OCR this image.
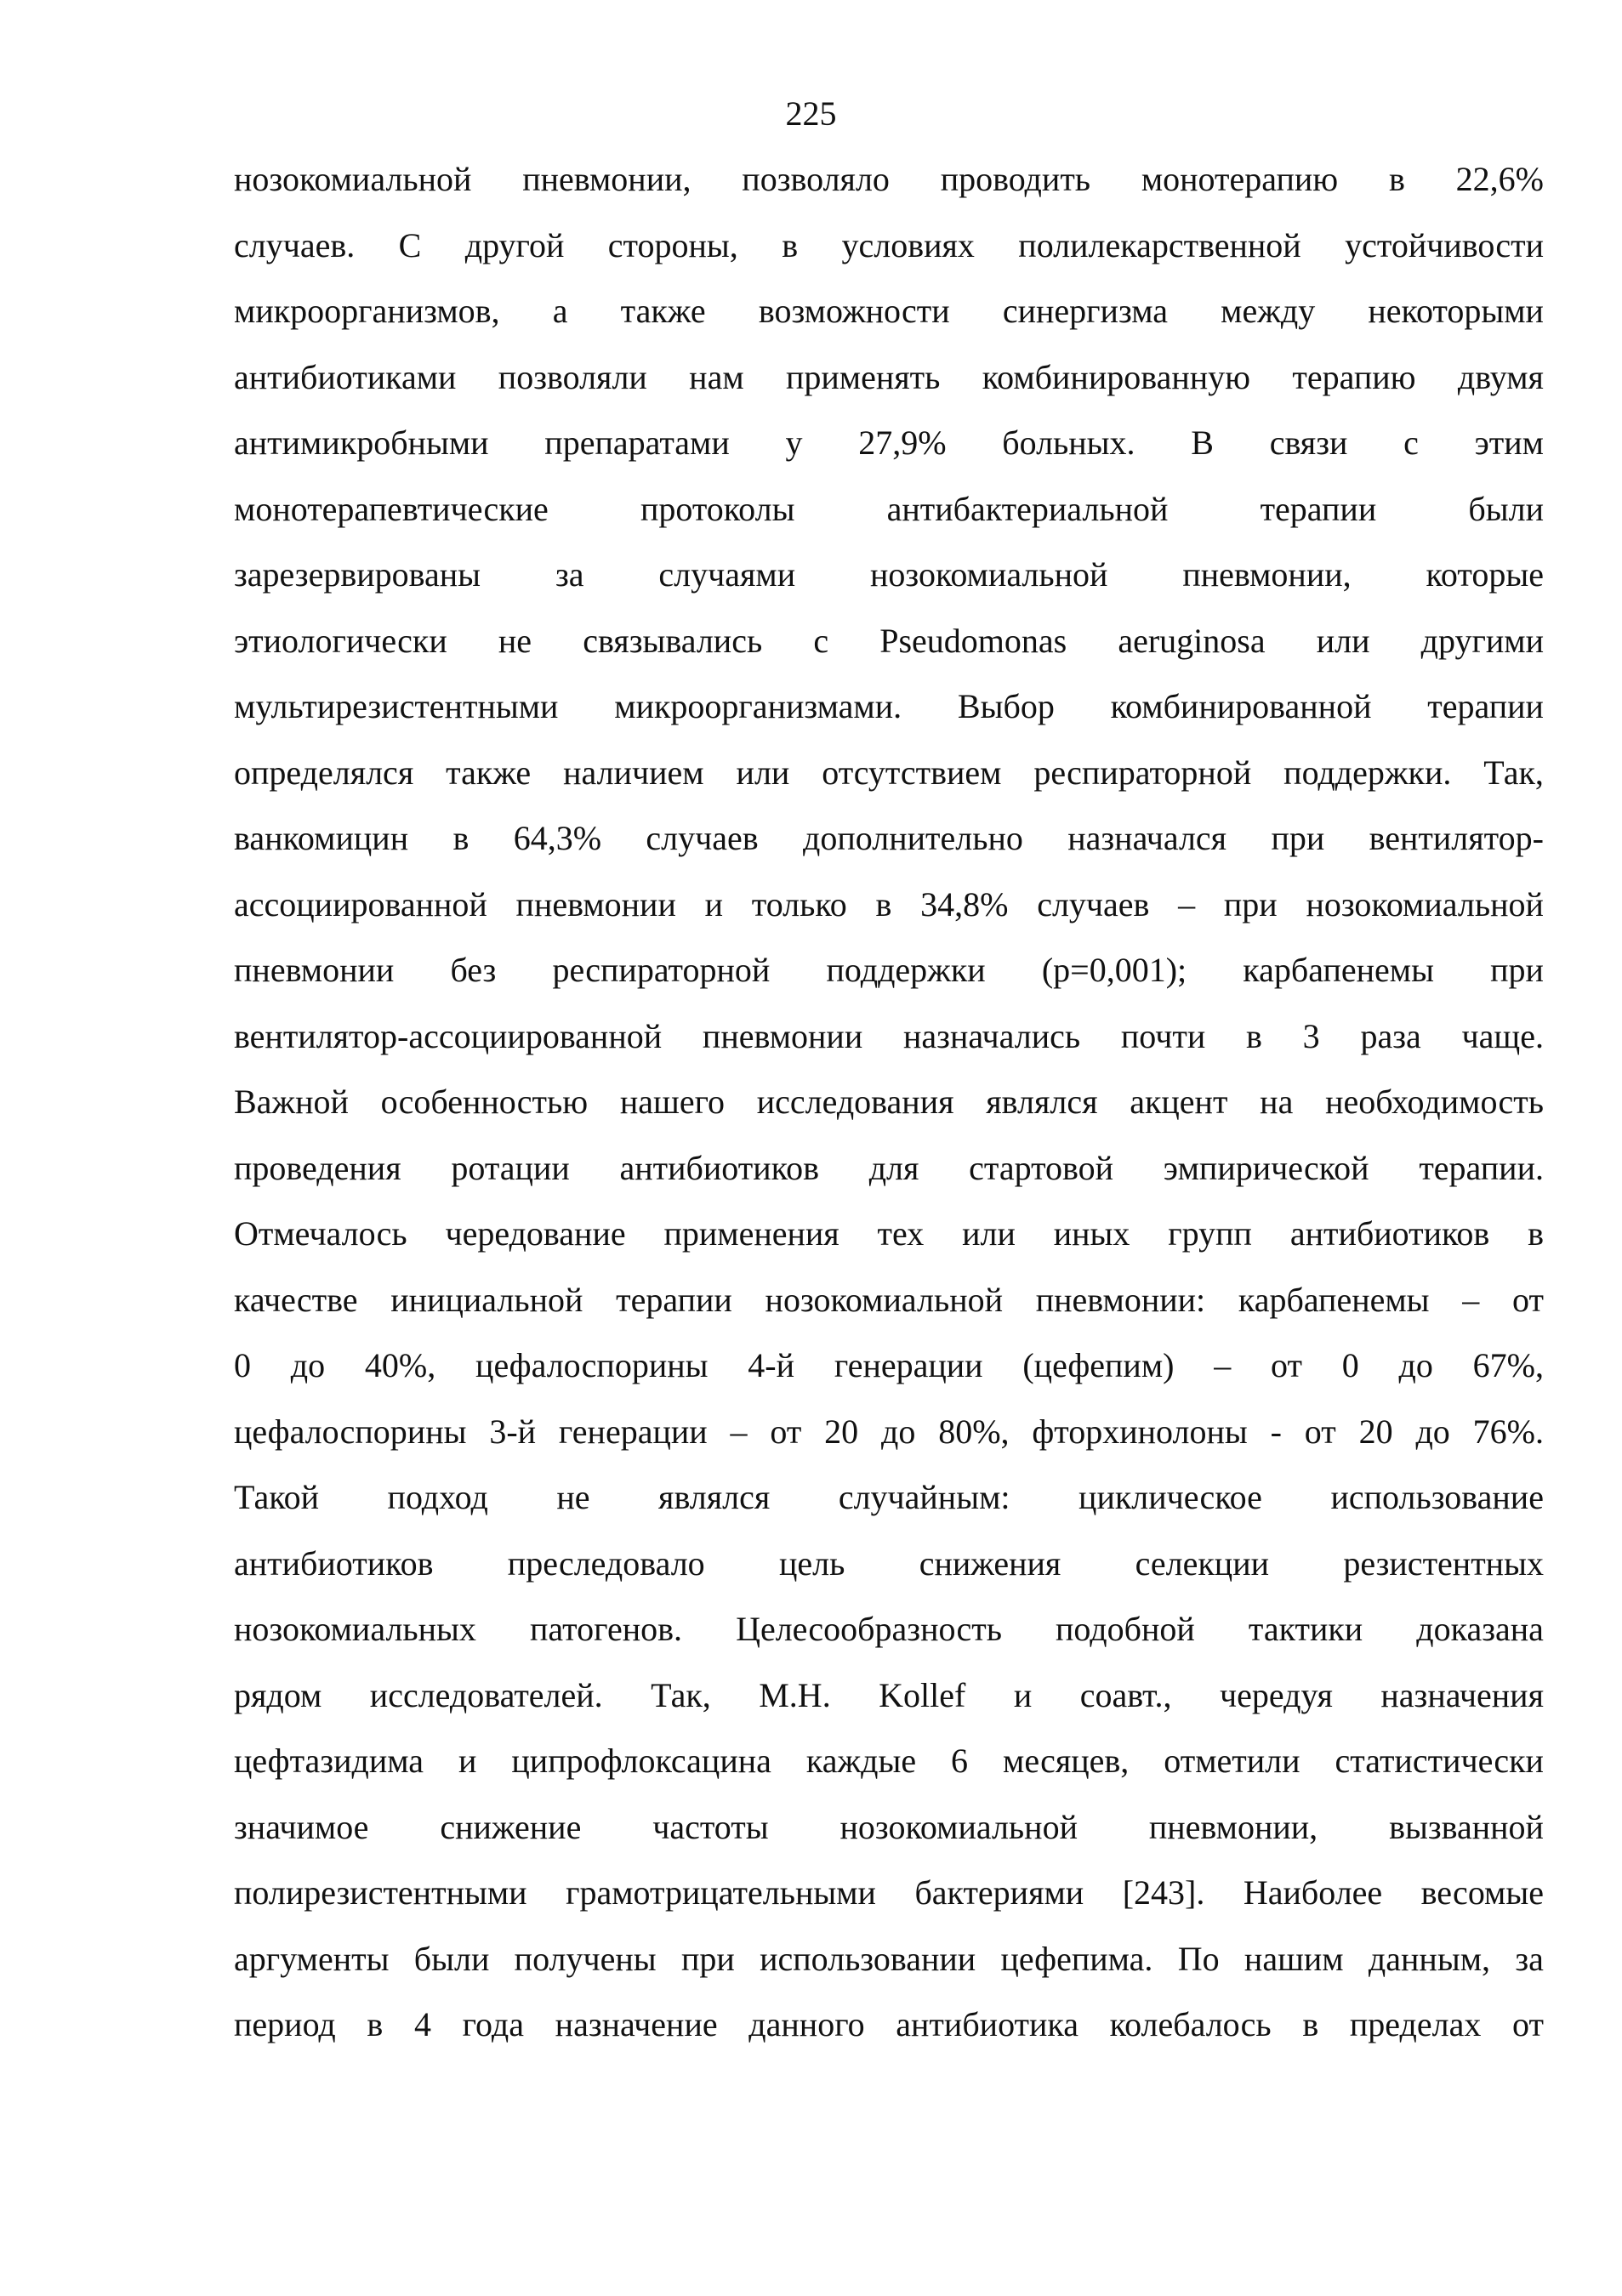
225
нозокомиальной пневмонии, позволяло проводить монотерапию в 22,6%
случаев. С другой стороны, в условиях полилекарственной устойчивости
микроорганизмов, а также возможности синергизма между некоторыми
антибиотиками позволяли нам применять комбинированную терапию двумя
антимикробными препаратами у 27,9% больных. В связи с этим
монотерапевтические	протоколы	антибактериальной	терапии	были
зарезервированы за случаями нозокомиальной пневмонии, которые
этиологически не связывались с Pseudomonas aeruginosa или другими
мультирезистентными микроорганизмами. Выбор комбинированной терапии
определялся также наличием или отсутствием респираторной поддержки. Так,
ванкомицин в 64,3% случаев дополнительно назначался при вентилятор-
ассоциированной пневмонии и только в 34,8% случаев – при нозокомиальной
пневмонии без респираторной поддержки (р=0,001); карбапенемы при
вентилятор-ассоциированной пневмонии назначались почти в 3 раза чаще.
Важной особенностью нашего исследования являлся акцент на необходимость
проведения ротации антибиотиков для стартовой эмпирической терапии.
Отмечалось чередование применения тех или иных групп антибиотиков в
качестве инициальной терапии нозокомиальной пневмонии: карбапенемы – от
0 до 40%, цефалоспорины 4-й генерации (цефепим) – от 0 до 67%,
цефалоспорины 3-й генерации – от 20 до 80%, фторхинолоны - от 20 до 76%.
Такой подход не являлся случайным: циклическое использование
антибиотиков преследовало цель снижения селекции резистентных
нозокомиальных патогенов. Целесообразность подобной тактики доказана
рядом исследователей. Так, М.Н. Kollef и соавт., чередуя назначения
цефтазидима и ципрофлоксацина каждые 6 месяцев, отметили статистически
значимое снижение частоты нозокомиальной пневмонии, вызванной
полирезистентными грамотрицательными бактериями [243]. Наиболее весомые
аргументы были получены при использовании цефепима. По нашим данным, за
период в 4 года назначение данного антибиотика колебалось в пределах от
